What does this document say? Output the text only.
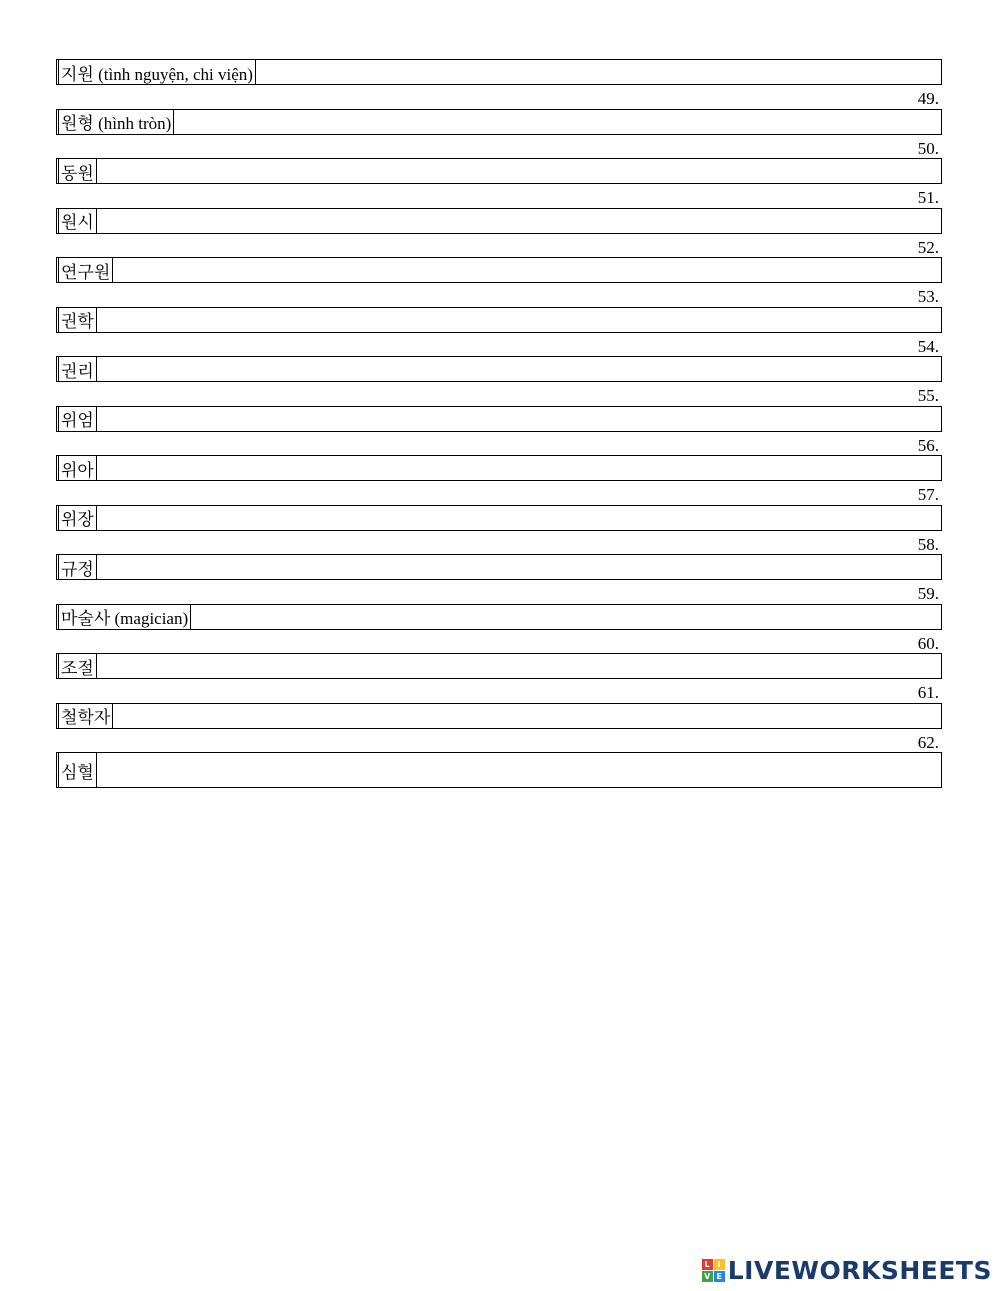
지원 (tình nguyện, chi viện)
49.
원형 (hình tròn)
50.
동원
51.
원시
52.
연구원
53.
권학
54.
권리
55.
위엄
56.
위아
57.
위장
58.
규정
59.
마술사 (magician)
60.
조절
61.
철학자
62.
심혈
L I
V E LIVEWORKSHEETS
